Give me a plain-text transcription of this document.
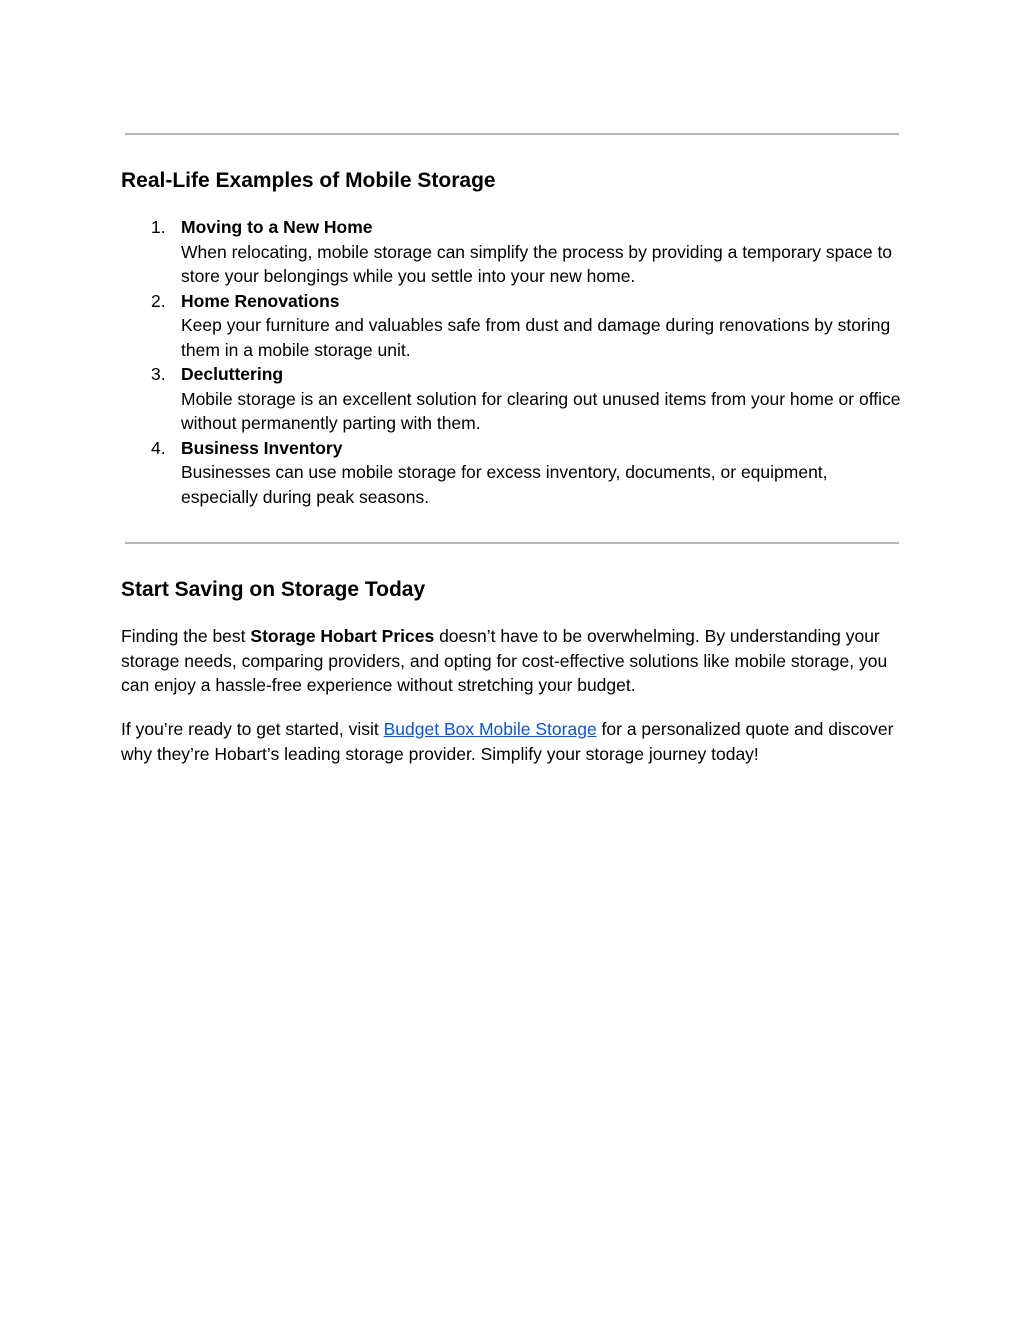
Real-Life Examples of Mobile Storage
1. Moving to a New Home
When relocating, mobile storage can simplify the process by providing a temporary space to store your belongings while you settle into your new home.
2. Home Renovations
Keep your furniture and valuables safe from dust and damage during renovations by storing them in a mobile storage unit.
3. Decluttering
Mobile storage is an excellent solution for clearing out unused items from your home or office without permanently parting with them.
4. Business Inventory
Businesses can use mobile storage for excess inventory, documents, or equipment, especially during peak seasons.
Start Saving on Storage Today

Finding the best Storage Hobart Prices doesn’t have to be overwhelming. By understanding your storage needs, comparing providers, and opting for cost-effective solutions like mobile storage, you can enjoy a hassle-free experience without stretching your budget.

If you’re ready to get started, visit Budget Box Mobile Storage for a personalized quote and discover why they’re Hobart’s leading storage provider. Simplify your storage journey today!
